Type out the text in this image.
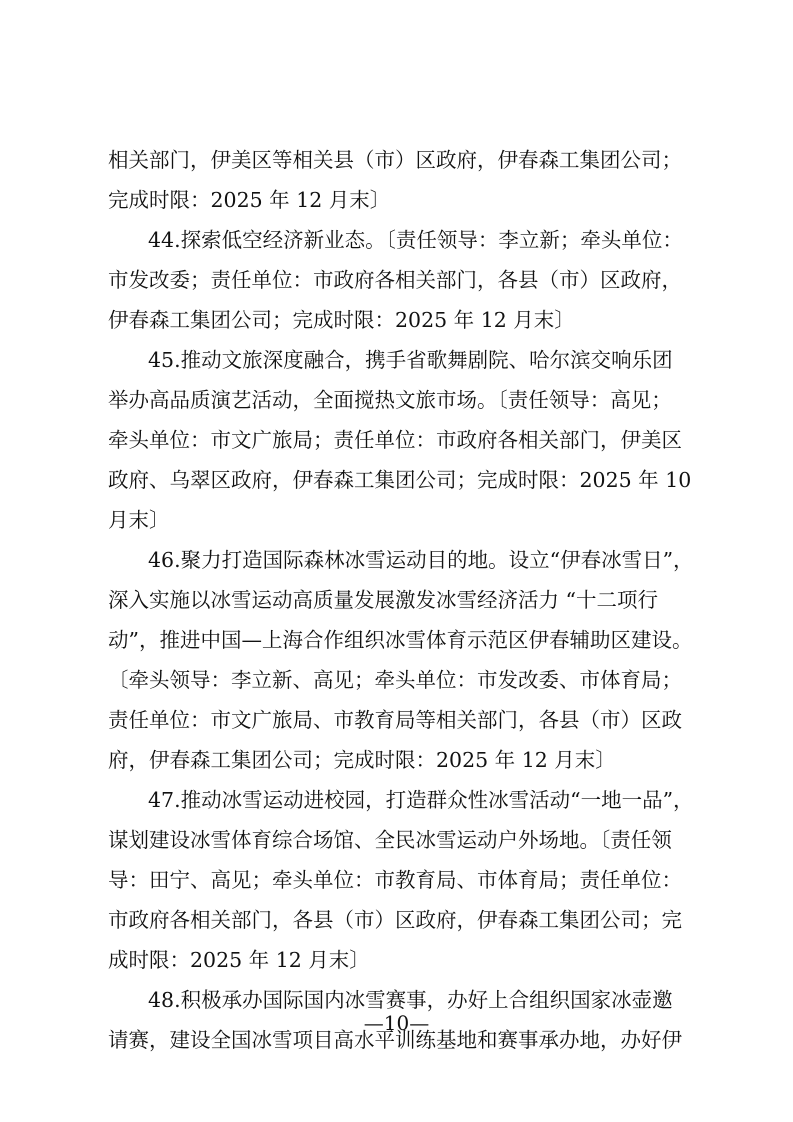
相关部门，伊美区等相关县（市）区政府，伊春森工集团公司；
完成时限：2025 年 12 月末〕
44.探索低空经济新业态。〔责任领导：李立新；牵头单位：
市发改委；责任单位：市政府各相关部门，各县（市）区政府，
伊春森工集团公司；完成时限：2025 年 12 月末〕
45.推动文旅深度融合，携手省歌舞剧院、哈尔滨交响乐团
举办高品质演艺活动，全面搅热文旅市场。〔责任领导：高见；
牵头单位：市文广旅局；责任单位：市政府各相关部门，伊美区
政府、乌翠区政府，伊春森工集团公司；完成时限：2025 年 10
月末〕
46.聚力打造国际森林冰雪运动目的地。设立“伊春冰雪日”，
深入实施以冰雪运动高质量发展激发冰雪经济活力 “十二项行
动”，推进中国—上海合作组织冰雪体育示范区伊春辅助区建设。
〔牵头领导：李立新、高见；牵头单位：市发改委、市体育局；
责任单位：市文广旅局、市教育局等相关部门，各县（市）区政
府，伊春森工集团公司；完成时限：2025 年 12 月末〕
47.推动冰雪运动进校园，打造群众性冰雪活动“一地一品”，
谋划建设冰雪体育综合场馆、全民冰雪运动户外场地。〔责任领
导：田宁、高见；牵头单位：市教育局、市体育局；责任单位：
市政府各相关部门，各县（市）区政府，伊春森工集团公司；完
成时限：2025 年 12 月末〕
48.积极承办国际国内冰雪赛事，办好上合组织国家冰壶邀
请赛，建设全国冰雪项目高水平训练基地和赛事承办地，办好伊
—10—
